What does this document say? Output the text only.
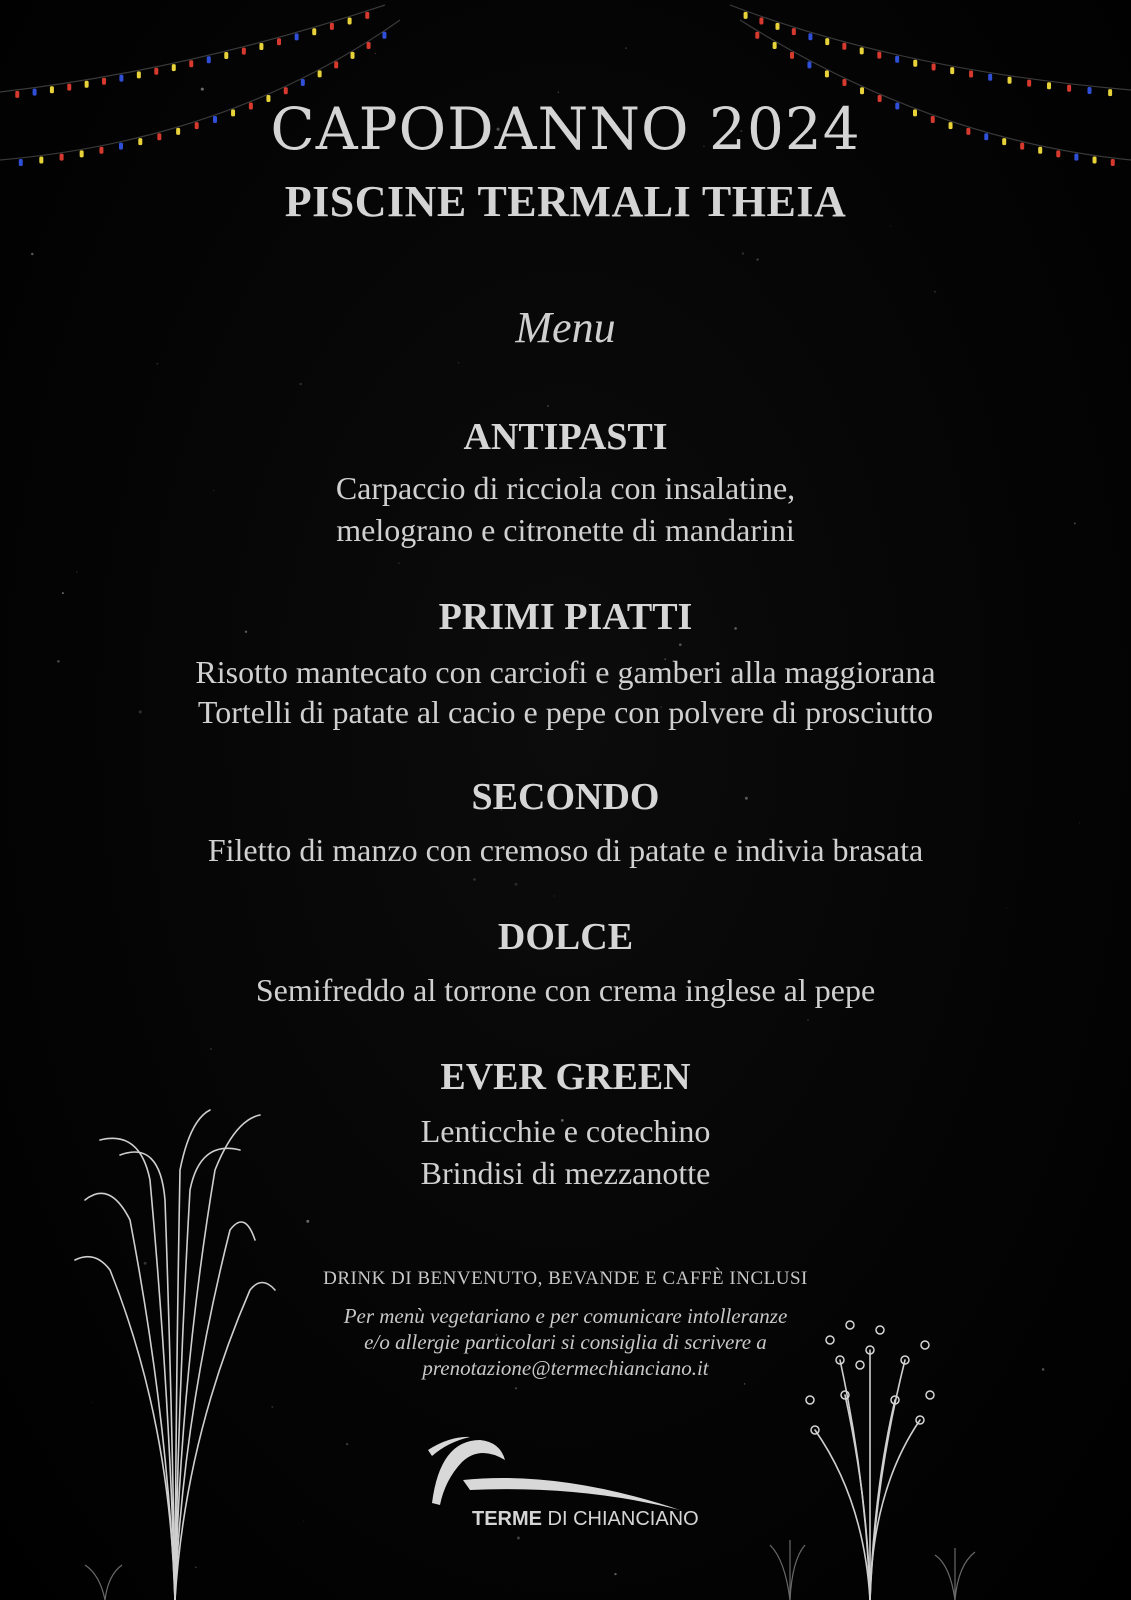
CAPODANNO 2024
PISCINE TERMALI THEIA
Menu
ANTIPASTI
Carpaccio di ricciola con insalatine,
melograno e citronette di mandarini
PRIMI PIATTI
Risotto mantecato con carciofi e gamberi alla maggiorana
Tortelli di patate al cacio e pepe con polvere di prosciutto
SECONDO
Filetto di manzo con cremoso di patate e indivia brasata
DOLCE
Semifreddo al torrone con crema inglese al pepe
EVER GREEN
Lenticchie e cotechino
Brindisi di mezzanotte
DRINK DI BENVENUTO, BEVANDE E CAFFÈ INCLUSI
Per menù vegetariano e per comunicare intolleranze
e/o allergie particolari si consiglia di scrivere a
prenotazione@termechianciano.it
TERME DI CHIANCIANO
